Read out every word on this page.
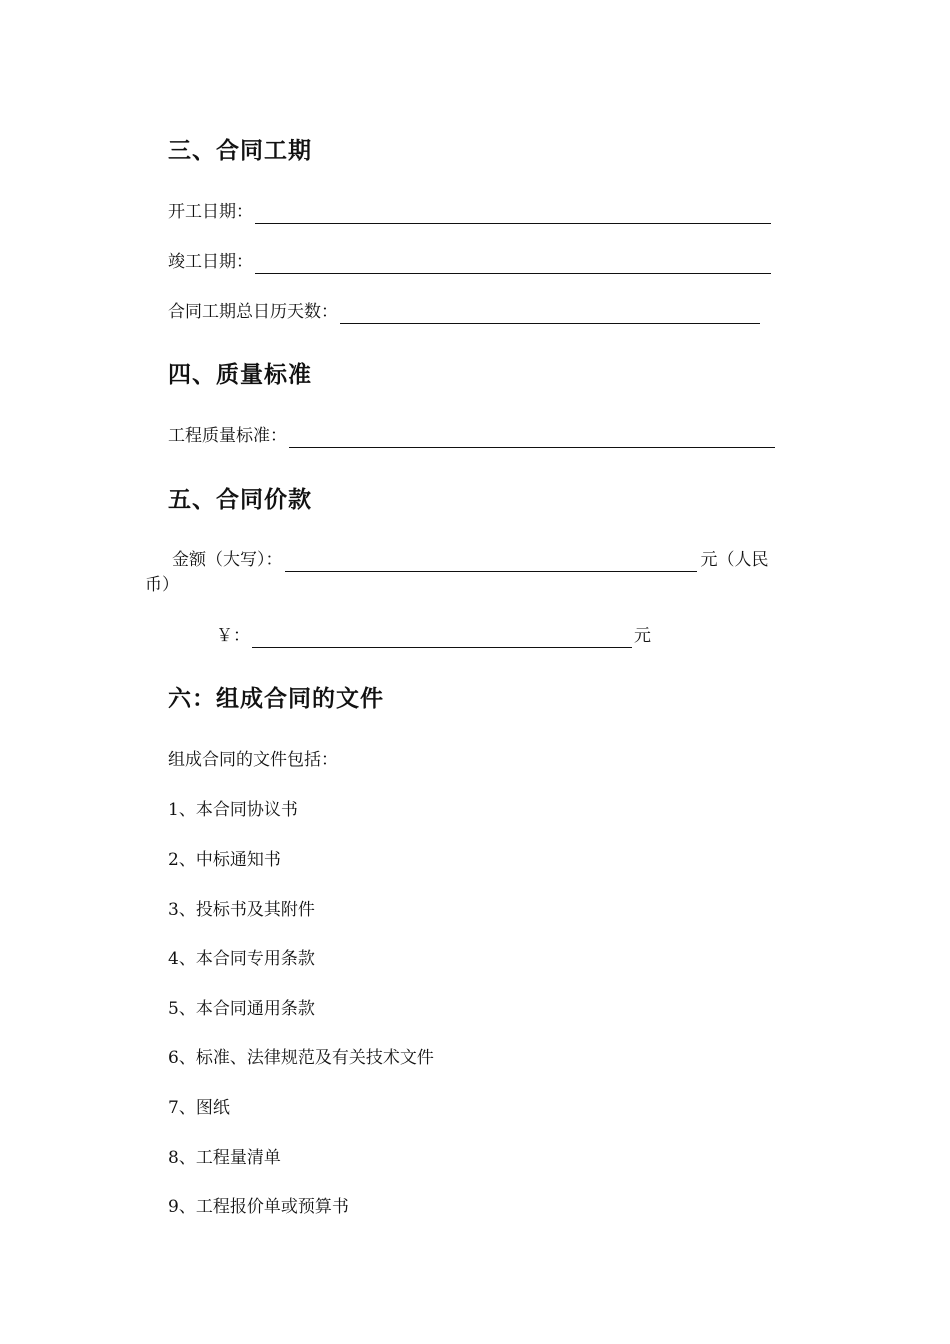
三、合同工期
开工日期：
竣工日期：
合同工期总日历天数：
四、质量标准
工程质量标准：
五、合同价款
金额（大写）：	元（人民
币）
￥：	元
六：组成合同的文件
组成合同的文件包括：
1、本合同协议书
2、中标通知书
3、投标书及其附件
4、本合同专用条款
5、本合同通用条款
6、标准、法律规范及有关技术文件
7、图纸
8、工程量清单
9、工程报价单或预算书
